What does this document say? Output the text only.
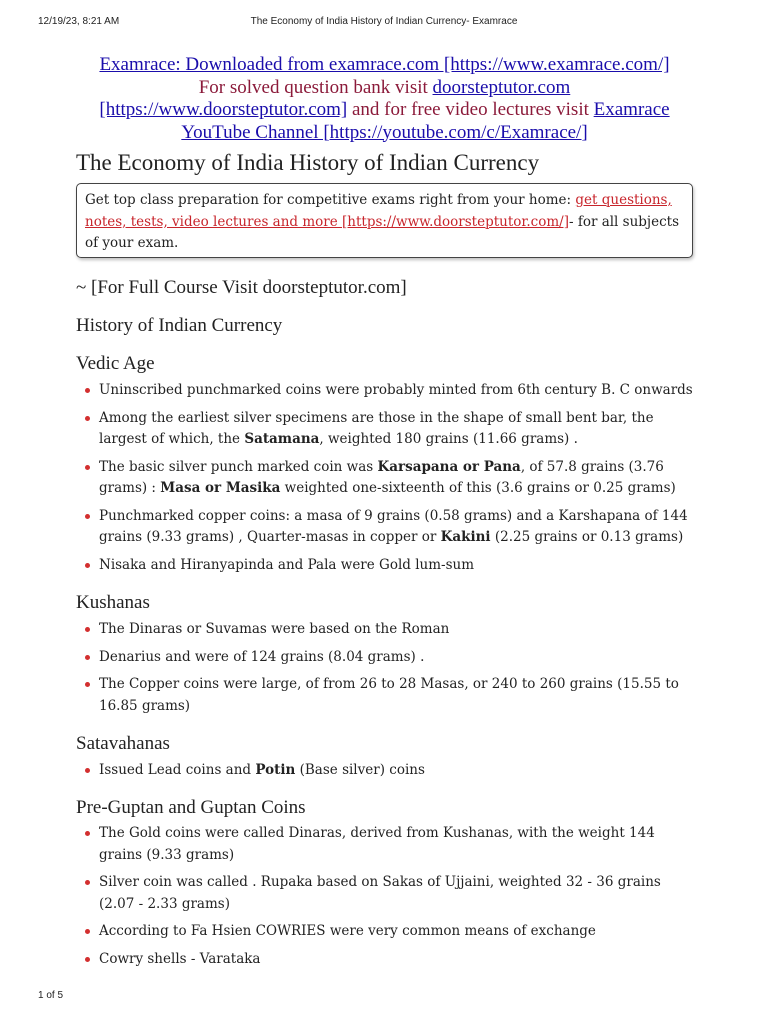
12/19/23, 8:21 AM	The Economy of India History of Indian Currency- Examrace
Examrace: Downloaded from examrace.com [https://www.examrace.com/]
For solved question bank visit doorsteptutor.com
[https://www.doorsteptutor.com] and for free video lectures visit Examrace
YouTube Channel [https://youtube.com/c/Examrace/]
The Economy of India History of Indian Currency
Get top class preparation for competitive exams right from your home: get questions, notes, tests, video lectures and more [https://www.doorsteptutor.com/]- for all subjects of your exam.
~ [For Full Course Visit doorsteptutor.com]
History of Indian Currency
Vedic Age
Uninscribed punchmarked coins were probably minted from 6th century B. C onwards
Among the earliest silver specimens are those in the shape of small bent bar, the largest of which, the Satamana, weighted 180 grains (11.66 grams) .
The basic silver punch marked coin was Karsapana or Pana, of 57.8 grains (3.76 grams) : Masa or Masika weighted one-sixteenth of this (3.6 grains or 0.25 grams)
Punchmarked copper coins: a masa of 9 grains (0.58 grams) and a Karshapana of 144 grains (9.33 grams) , Quarter-masas in copper or Kakini (2.25 grains or 0.13 grams)
Nisaka and Hiranyapinda and Pala were Gold lum-sum
Kushanas
The Dinaras or Suvamas were based on the Roman
Denarius and were of 124 grains (8.04 grams) .
The Copper coins were large, of from 26 to 28 Masas, or 240 to 260 grains (15.55 to 16.85 grams)
Satavahanas
Issued Lead coins and Potin (Base silver) coins
Pre-Guptan and Guptan Coins
The Gold coins were called Dinaras, derived from Kushanas, with the weight 144 grains (9.33 grams)
Silver coin was called . Rupaka based on Sakas of Ujjaini, weighted 32 - 36 grains (2.07 - 2.33 grams)
According to Fa Hsien COWRIES were very common means of exchange
Cowry shells - Varataka
1 of 5
